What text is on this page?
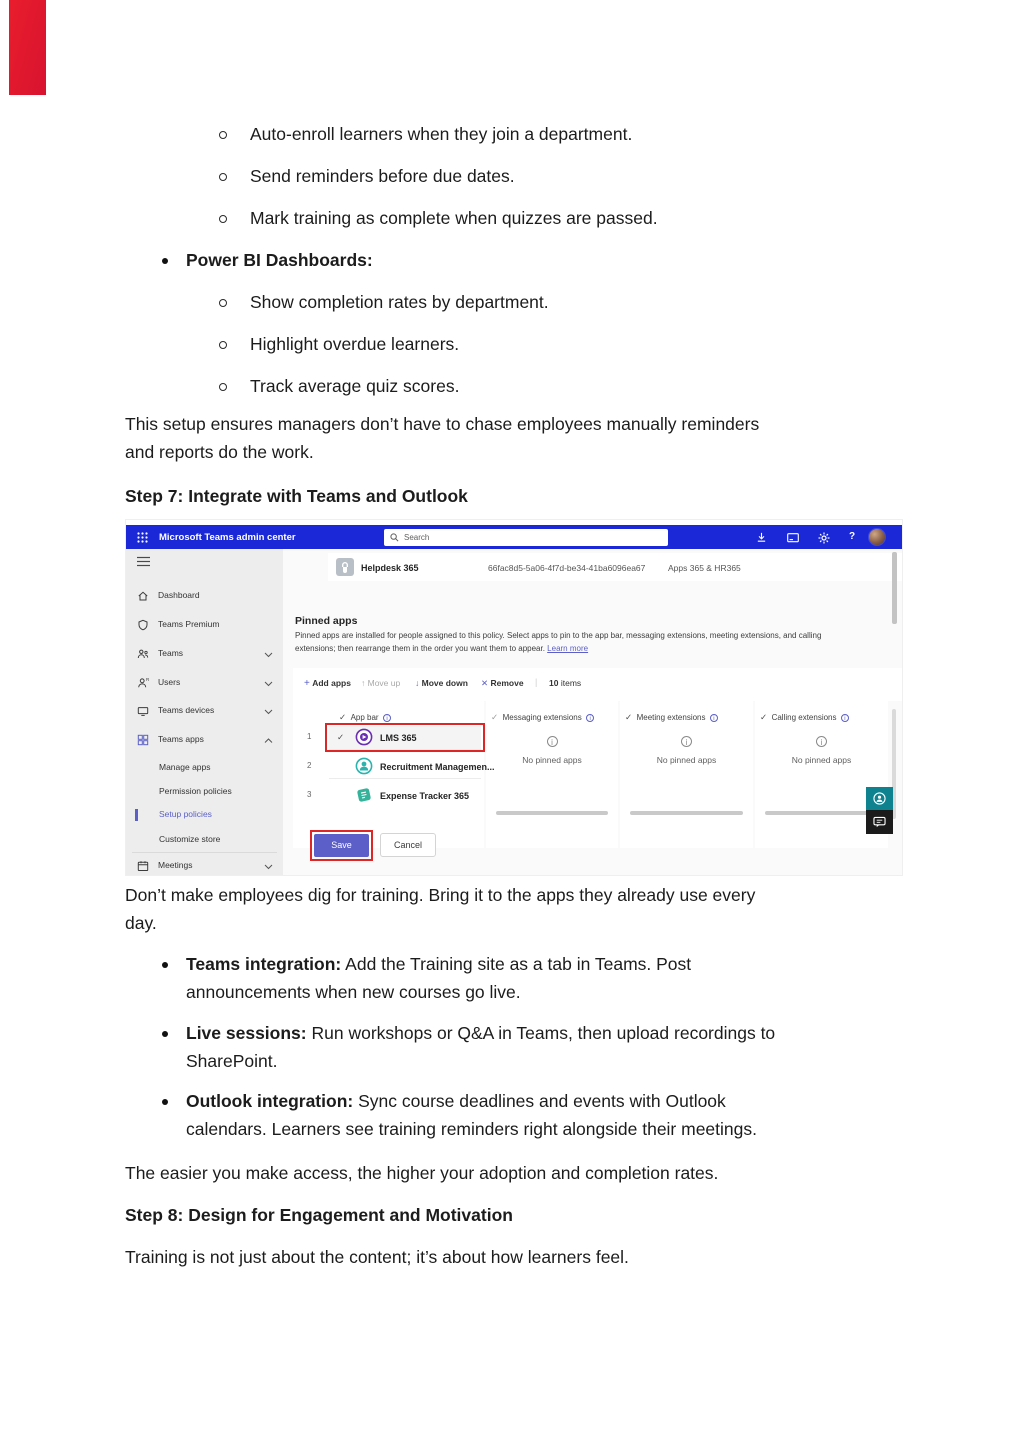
Auto-enroll learners when they join a department.
Send reminders before due dates.
Mark training as complete when quizzes are passed.
Power BI Dashboards:
Show completion rates by department.
Highlight overdue learners.
Track average quiz scores.
This setup ensures managers don’t have to chase employees manually reminders
and reports do the work.
Step 7: Integrate with Teams and Outlook
Microsoft Teams admin center	Search	?
Dashboard
Teams Premium
Teams
R Users
Teams devices
Teams apps
Manage apps
Permission policies
Setup policies
Customize store
Meetings
Helpdesk 365	66fac8d5-5a06-4f7d-be34-41ba6096ea67	Apps 365 & HR365
Pinned apps
Pinned apps are installed for people assigned to this policy. Select apps to pin to the app bar, messaging extensions, meeting extensions, and calling
extensions; then rearrange them in the order you want them to appear. Learn more
+ Add apps ↑ Move up ↓ Move down ✕ Remove | 10 items
✓ App bar i	✓ Messaging extensions i	✓ Meeting extensions i	✓ Calling extensions i
1	✓	LMS 365
2	Recruitment Managemen...
3	Expense Tracker 365
i
No pinned apps
i
No pinned apps
i
No pinned apps
Save	Cancel
Don’t make employees dig for training. Bring it to the apps they already use every
day.
Teams integration: Add the Training site as a tab in Teams. Post
announcements when new courses go live.
Live sessions: Run workshops or Q&A in Teams, then upload recordings to
SharePoint.
Outlook integration: Sync course deadlines and events with Outlook
calendars. Learners see training reminders right alongside their meetings.
The easier you make access, the higher your adoption and completion rates.
Step 8: Design for Engagement and Motivation
Training is not just about the content; it’s about how learners feel.
